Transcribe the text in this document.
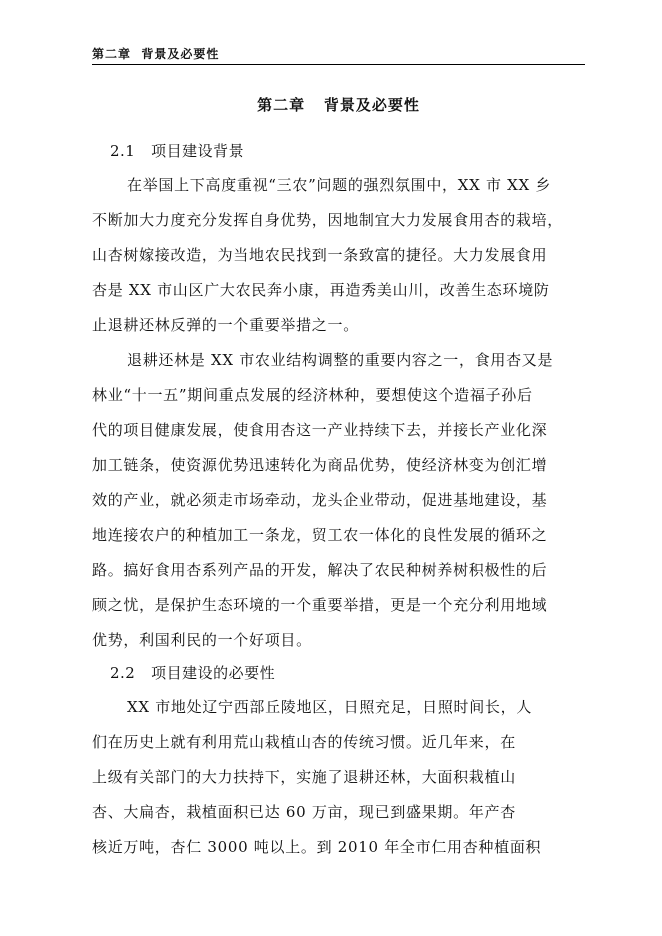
第二章  背景及必要性
第二章   背景及必要性
2.1   项目建设背景
在举国上下高度重视“三农”问题的强烈氛围中，XX 市 XX 乡
不断加大力度充分发挥自身优势，因地制宜大力发展食用杏的栽培，
山杏树嫁接改造，为当地农民找到一条致富的捷径。大力发展食用
杏是 XX 市山区广大农民奔小康，再造秀美山川，改善生态环境防
止退耕还林反弹的一个重要举措之一。
退耕还林是 XX 市农业结构调整的重要内容之一，食用杏又是
林业“十一五”期间重点发展的经济林种，要想使这个造福子孙后
代的项目健康发展，使食用杏这一产业持续下去，并接长产业化深
加工链条，使资源优势迅速转化为商品优势，使经济林变为创汇增
效的产业，就必须走市场牵动，龙头企业带动，促进基地建设，基
地连接农户的种植加工一条龙，贸工农一体化的良性发展的循环之
路。搞好食用杏系列产品的开发，解决了农民种树养树积极性的后
顾之忧，是保护生态环境的一个重要举措，更是一个充分利用地域
优势，利国利民的一个好项目。
2.2   项目建设的必要性
XX 市地处辽宁西部丘陵地区，日照充足，日照时间长，人
们在历史上就有利用荒山栽植山杏的传统习惯。近几年来，在
上级有关部门的大力扶持下，实施了退耕还林，大面积栽植山
杏、大扁杏，栽植面积已达 60 万亩，现已到盛果期。年产杏
核近万吨，杏仁 3000 吨以上。到 2010 年全市仁用杏种植面积
